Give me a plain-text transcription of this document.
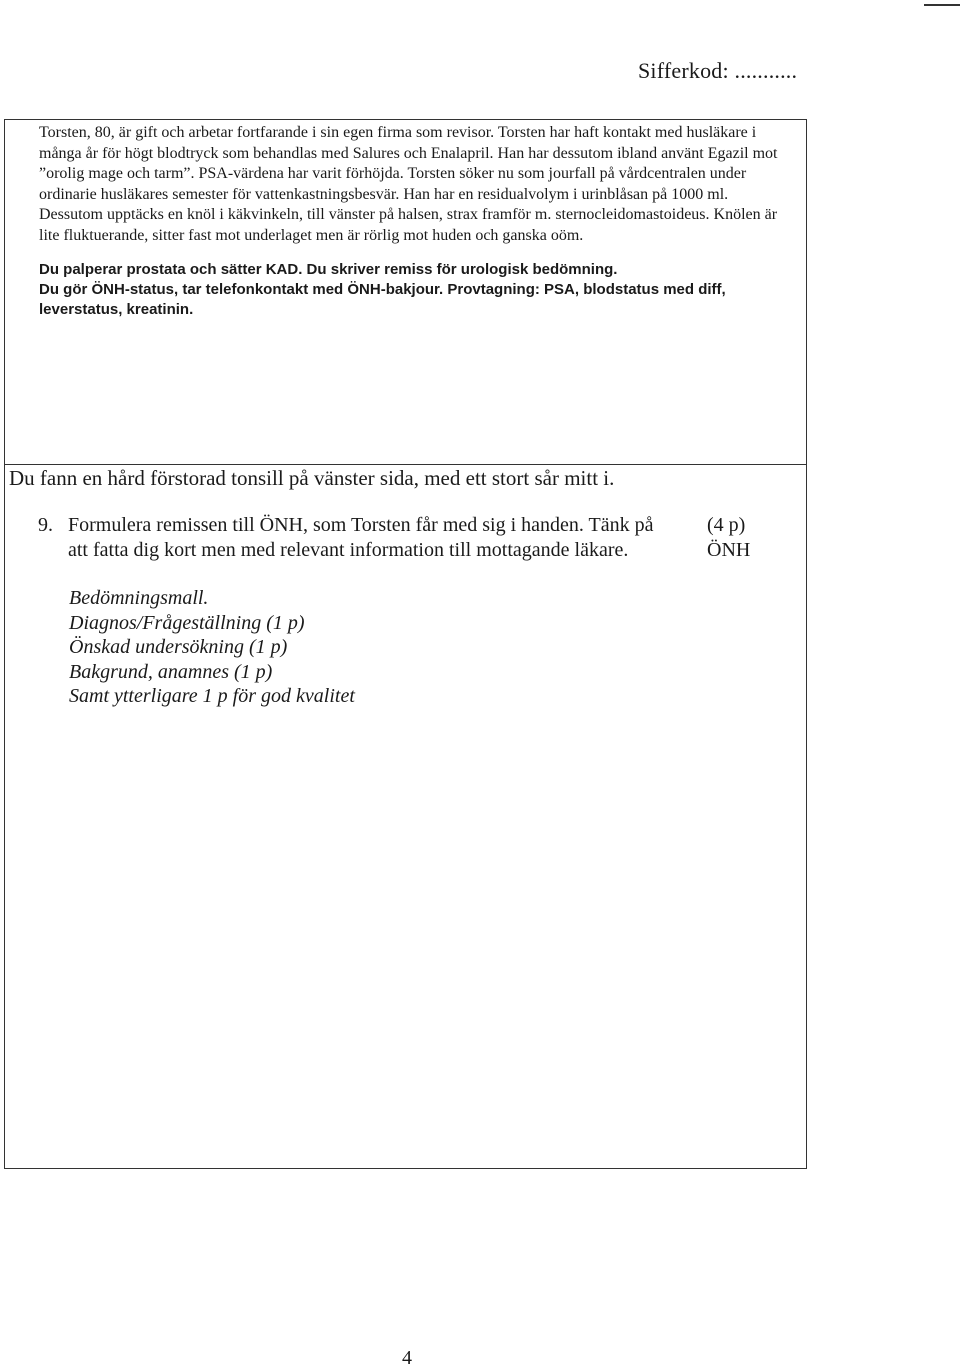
Sifferkod: ...........

Torsten, 80, är gift och arbetar fortfarande i sin egen firma som revisor. Torsten har haft kontakt med husläkare i många år för högt blodtryck som behandlas med Salures och Enalapril. Han har dessutom ibland använt Egazil mot ”orolig mage och tarm”. PSA-värdena har varit förhöjda. Torsten söker nu som jourfall på vårdcentralen under ordinarie husläkares semester för vattenkastningsbesvär. Han har en residualvolym i urinblåsan på 1000 ml. Dessutom upptäcks en knöl i käkvinkeln, till vänster på halsen, strax framför m. sternocleidomastoideus. Knölen är lite fluktuerande, sitter fast mot underlaget men är rörlig mot huden och ganska oöm.

Du palperar prostata och sätter KAD. Du skriver remiss för urologisk bedömning.
Du gör ÖNH-status, tar telefonkontakt med ÖNH-bakjour. Provtagning: PSA, blodstatus med diff,
leverstatus, kreatinin.

Du fann en hård förstorad tonsill på vänster sida, med ett stort sår mitt i.
9. Formulera remissen till ÖNH, som Torsten får med sig i handen. Tänk på
att fatta dig kort men med relevant information till mottagande läkare.
(4 p)
ÖNH
Bedömningsmall.
Diagnos/Frågeställning (1 p)
Önskad undersökning (1 p)
Bakgrund, anamnes (1 p)
Samt ytterligare 1 p för god kvalitet
4
